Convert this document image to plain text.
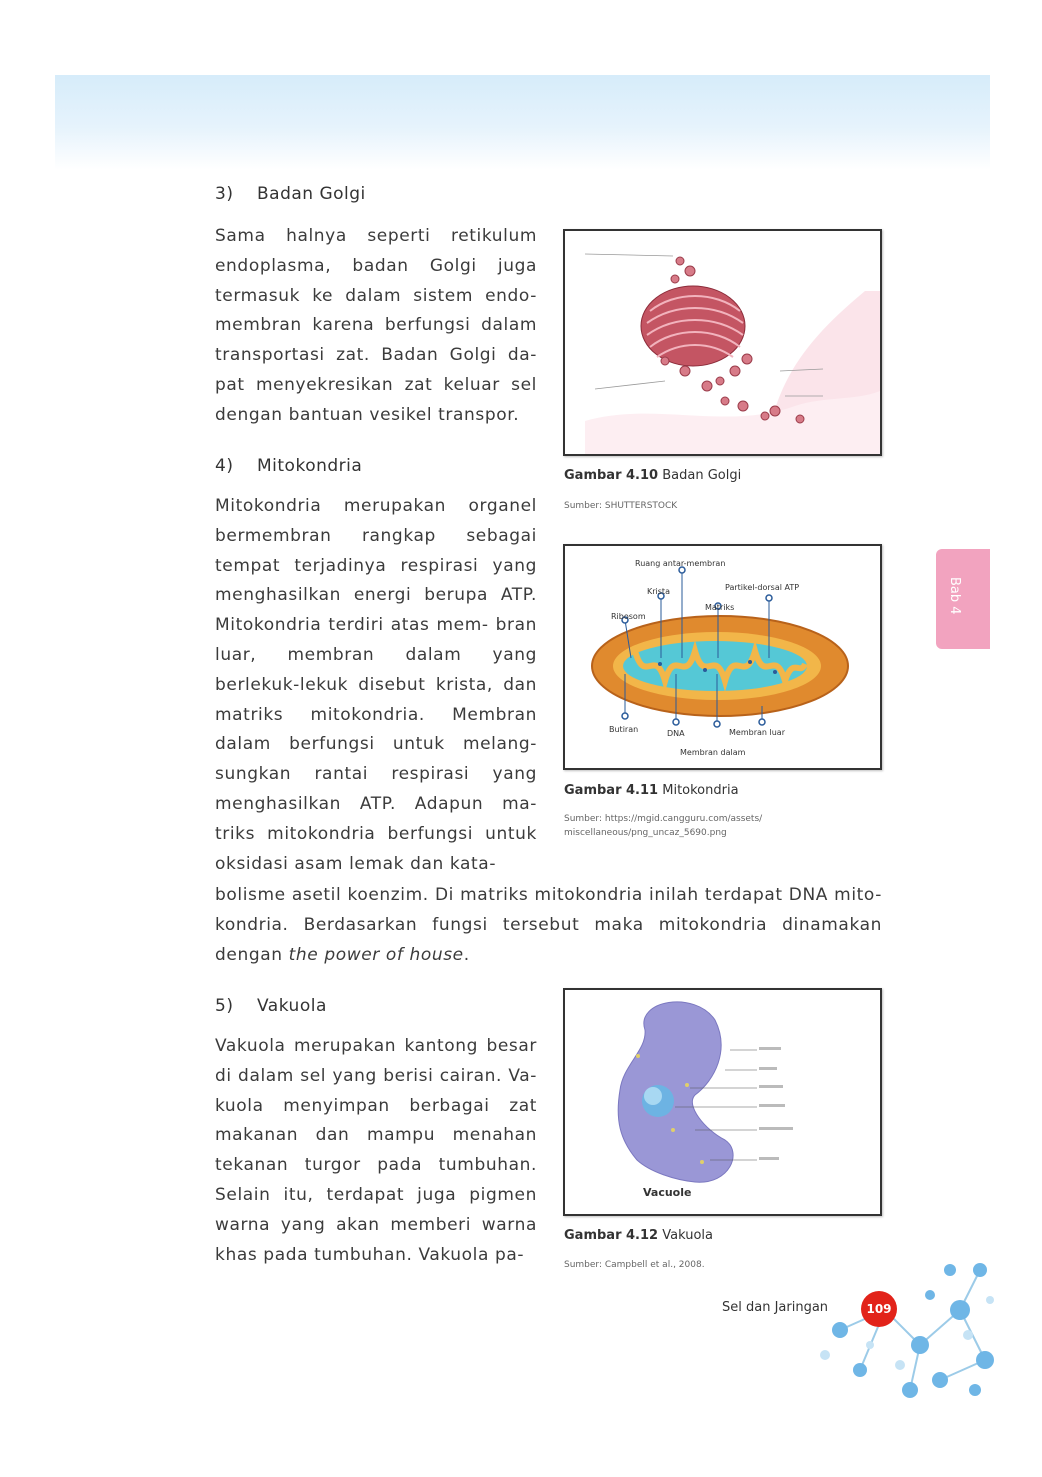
Bab 4
3) Badan Golgi

Sama halnya seperti retikulum endoplasma, badan Golgi juga termasuk ke dalam sistem endo- membran karena berfungsi dalam transportasi zat. Badan Golgi da- pat menyekresikan zat keluar sel dengan bantuan vesikel transpor.

Gambar 4.10 Badan Golgi
Sumber: SHUTTERSTOCK
4) Mitokondria

Mitokondria merupakan organel bermembran rangkap sebagai tempat terjadinya respirasi yang menghasilkan energi berupa ATP. Mitokondria terdiri atas mem- bran luar, membran dalam yang berlekuk-lekuk disebut krista, dan matriks mitokondria. Membran dalam berfungsi untuk melang- sungkan rantai respirasi yang menghasilkan ATP. Adapun ma- triks mitokondria berfungsi untuk oksidasi asam lemak dan kata-

bolisme asetil koenzim. Di matriks mitokondria inilah terdapat DNA mito- kondria. Berdasarkan fungsi tersebut maka mitokondria dinamakan dengan the power of house.

Ruang antar-membran
Partikel-dorsal ATP
Krista
Matriks
Ribosom
Butiran	DNA	Membran luar
Membran dalam
Gambar 4.11 Mitokondria
Sumber: https://mgid.cangguru.com/assets/
miscellaneous/png_uncaz_5690.png
5) Vakuola

Vakuola merupakan kantong besar di dalam sel yang berisi cairan. Va- kuola menyimpan berbagai zat makanan dan mampu menahan tekanan turgor pada tumbuhan. Selain itu, terdapat juga pigmen warna yang akan memberi warna khas pada tumbuhan. Vakuola pa-

Vacuole
Gambar 4.12 Vakuola
Sumber: Campbell et al., 2008.
Sel dan Jaringan	109
